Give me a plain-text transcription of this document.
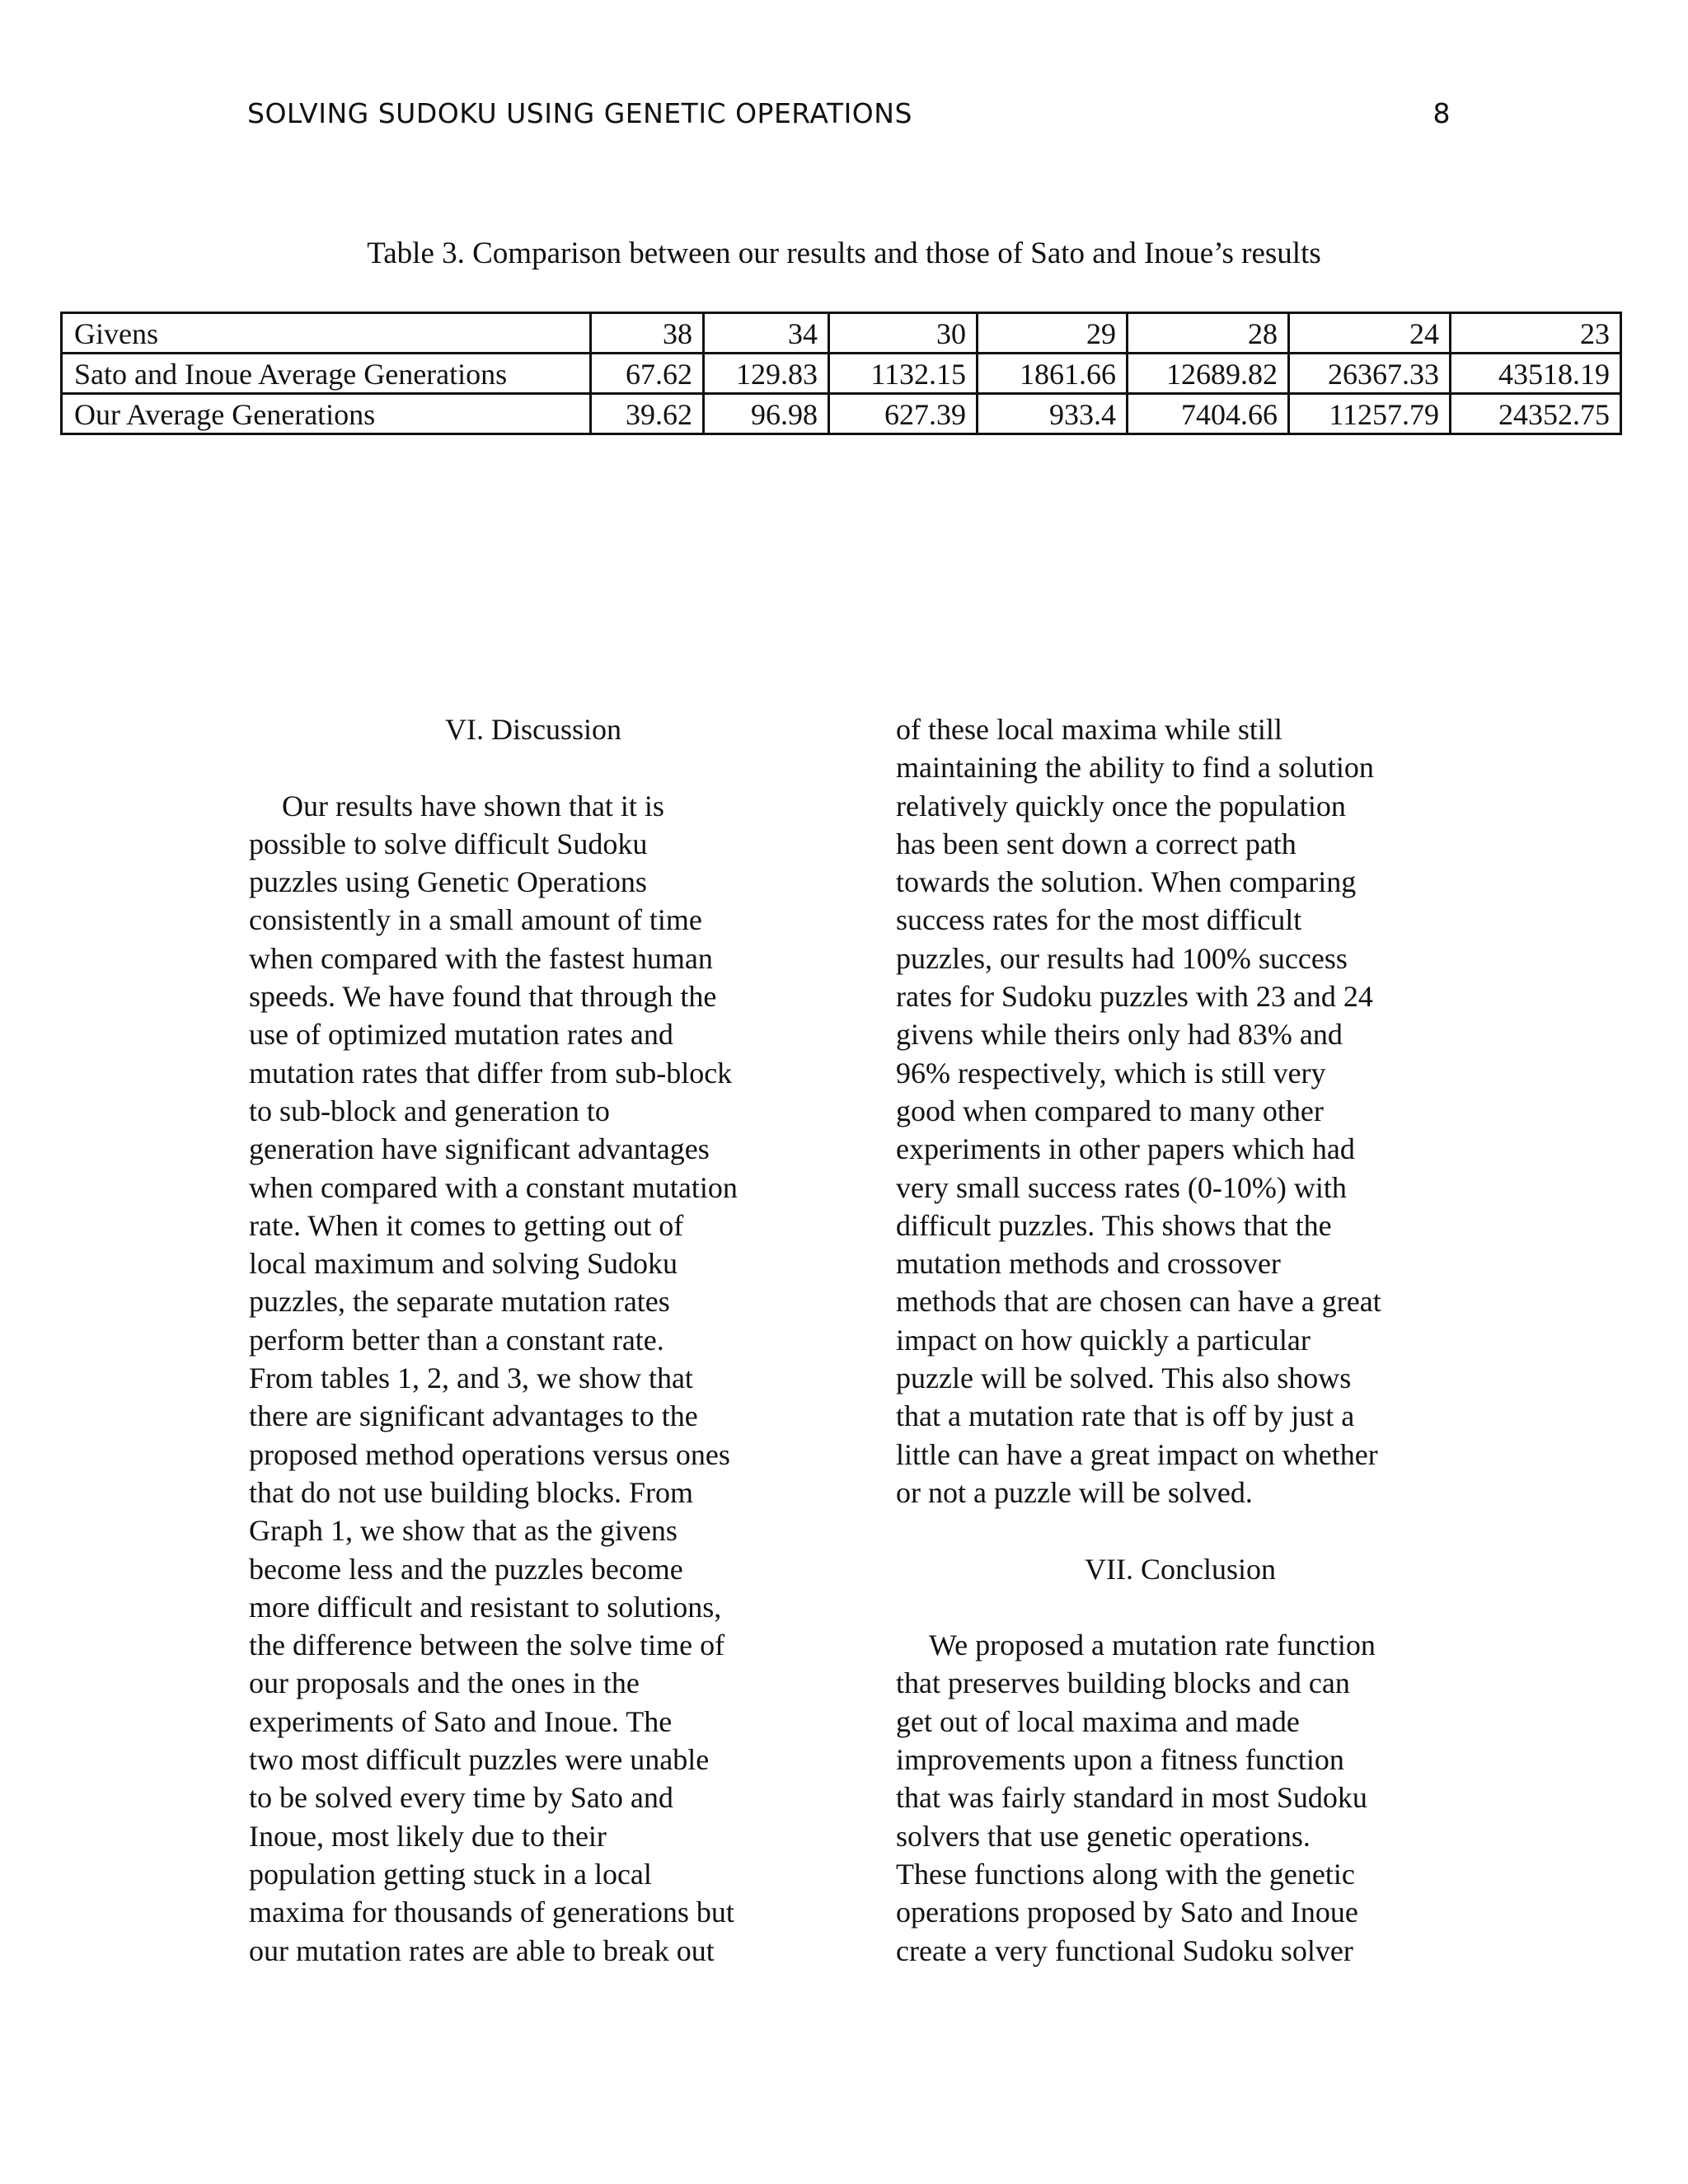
SOLVING SUDOKU USING GENETIC OPERATIONS	8
Table 3. Comparison between our results and those of Sato and Inoue’s results
Givens	38	34	30	29	28	24	23
Sato and Inoue Average Generations	67.62	129.83	1132.15	1861.66	12689.82	26367.33	43518.19
Our Average Generations	39.62	96.98	627.39	933.4	7404.66	11257.79	24352.75

VI. Discussion

Our results have shown that it is
possible to solve difficult Sudoku
puzzles using Genetic Operations
consistently in a small amount of time
when compared with the fastest human
speeds. We have found that through the
use of optimized mutation rates and
mutation rates that differ from sub-block
to sub-block and generation to
generation have significant advantages
when compared with a constant mutation
rate. When it comes to getting out of
local maximum and solving Sudoku
puzzles, the separate mutation rates
perform better than a constant rate.
From tables 1, 2, and 3, we show that
there are significant advantages to the
proposed method operations versus ones
that do not use building blocks. From
Graph 1, we show that as the givens
become less and the puzzles become
more difficult and resistant to solutions,
the difference between the solve time of
our proposals and the ones in the
experiments of Sato and Inoue. The
two most difficult puzzles were unable
to be solved every time by Sato and
Inoue, most likely due to their
population getting stuck in a local
maxima for thousands of generations but
our mutation rates are able to break out
of these local maxima while still
maintaining the ability to find a solution
relatively quickly once the population
has been sent down a correct path
towards the solution. When comparing
success rates for the most difficult
puzzles, our results had 100% success
rates for Sudoku puzzles with 23 and 24
givens while theirs only had 83% and
96% respectively, which is still very
good when compared to many other
experiments in other papers which had
very small success rates (0-10%) with
difficult puzzles. This shows that the
mutation methods and crossover
methods that are chosen can have a great
impact on how quickly a particular
puzzle will be solved. This also shows
that a mutation rate that is off by just a
little can have a great impact on whether
or not a puzzle will be solved.

VII. Conclusion

We proposed a mutation rate function
that preserves building blocks and can
get out of local maxima and made
improvements upon a fitness function
that was fairly standard in most Sudoku
solvers that use genetic operations.
These functions along with the genetic
operations proposed by Sato and Inoue
create a very functional Sudoku solver
